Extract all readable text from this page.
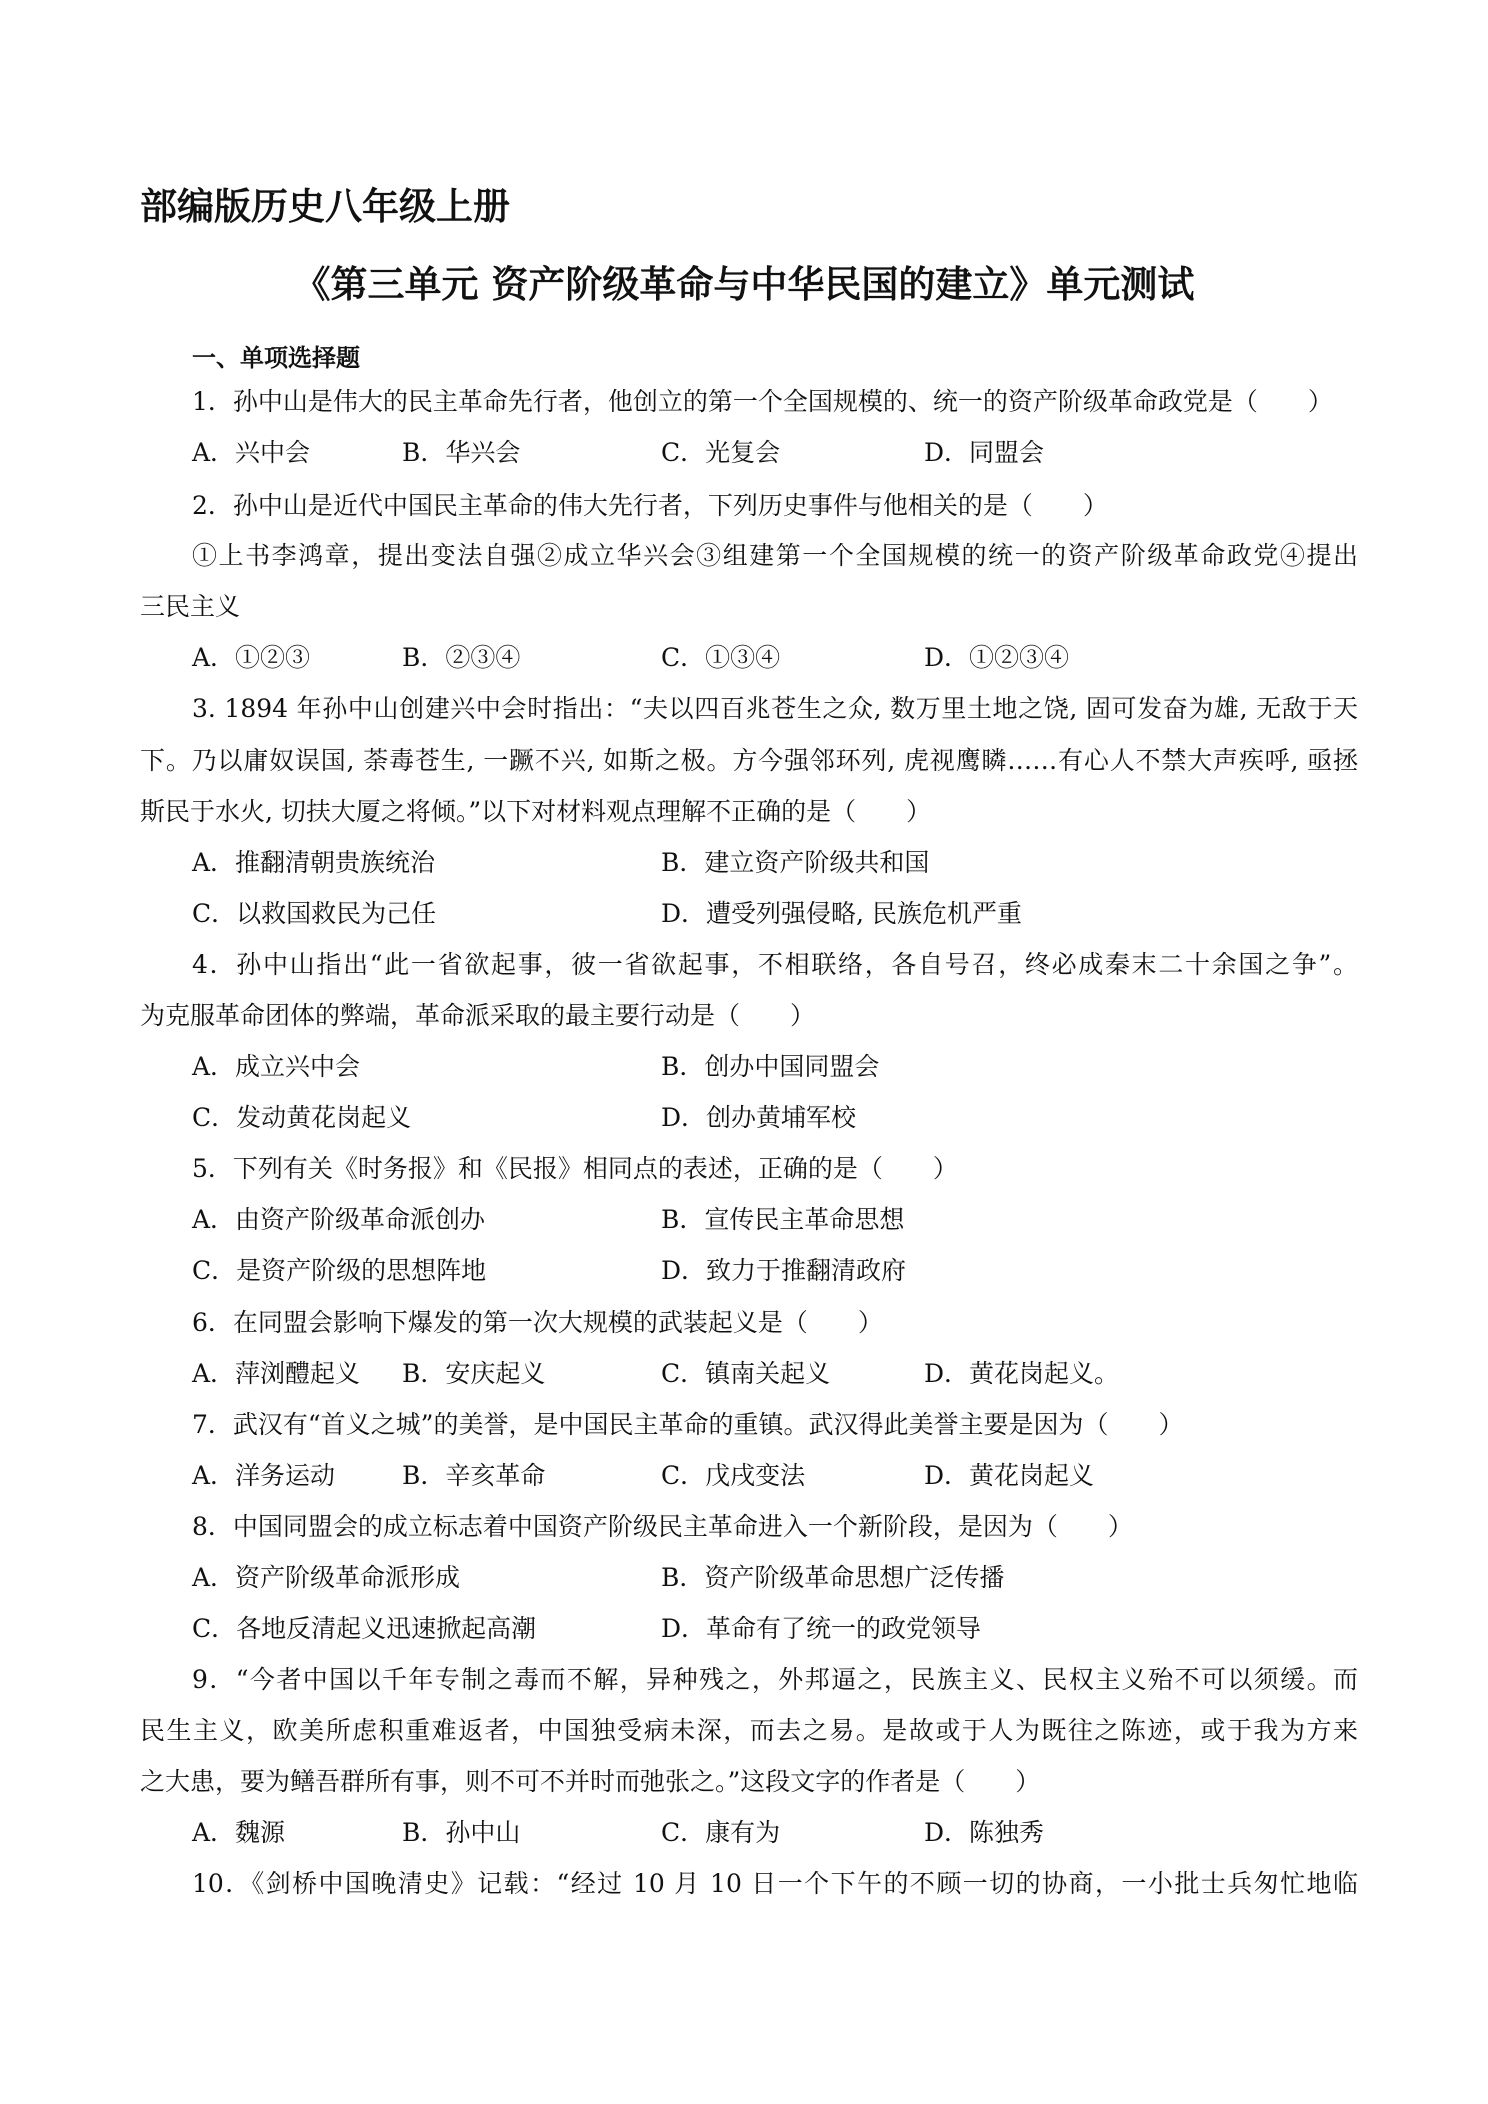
部编版历史八年级上册
《第三单元 资产阶级革命与中华民国的建立》单元测试
一、单项选择题
1．孙中山是伟大的民主革命先行者，他创立的第一个全国规模的、统一的资产阶级革命政党是（　　）
A．兴中会	B．华兴会	C．光复会	D．同盟会
2．孙中山是近代中国民主革命的伟大先行者，下列历史事件与他相关的是（　　）
①上书李鸿章，提出变法自强②成立华兴会③组建第一个全国规模的统一的资产阶级革命政党④提出
三民主义
A．①②③	B．②③④	C．①③④	D．①②③④
3. 1894 年孙中山创建兴中会时指出：“夫以四百兆苍生之众, 数万里土地之饶, 固可发奋为雄, 无敌于天
下。乃以庸奴误国, 荼毒苍生, 一蹶不兴, 如斯之极。方今强邻环列, 虎视鹰瞵……有心人不禁大声疾呼, 亟拯
斯民于水火, 切扶大厦之将倾。”以下对材料观点理解不正确的是（　　）
A．推翻清朝贵族统治	B．建立资产阶级共和国
C．以救国救民为己任	D．遭受列强侵略, 民族危机严重
4．孙中山指出“此一省欲起事，彼一省欲起事，不相联络，各自号召，终必成秦末二十余国之争”。
为克服革命团体的弊端，革命派采取的最主要行动是（　　）
A．成立兴中会	B．创办中国同盟会
C．发动黄花岗起义	D．创办黄埔军校
5．下列有关《时务报》和《民报》相同点的表述，正确的是（　　）
A．由资产阶级革命派创办	B．宣传民主革命思想
C．是资产阶级的思想阵地	D．致力于推翻清政府
6．在同盟会影响下爆发的第一次大规模的武装起义是（　　）
A．萍浏醴起义 B．安庆起义	C．镇南关起义	D．黄花岗起义。
7．武汉有“首义之城”的美誉，是中国民主革命的重镇。武汉得此美誉主要是因为（　　）
A．洋务运动	B．辛亥革命	C．戊戌变法	D．黄花岗起义
8．中国同盟会的成立标志着中国资产阶级民主革命进入一个新阶段，是因为（　　）
A．资产阶级革命派形成	B．资产阶级革命思想广泛传播
C．各地反清起义迅速掀起高潮	D．革命有了统一的政党领导
9．“今者中国以千年专制之毒而不解，异种残之，外邦逼之，民族主义、民权主义殆不可以须缓。而
民生主义，欧美所虑积重难返者，中国独受病未深，而去之易。是故或于人为既往之陈迹，或于我为方来
之大患，要为鳝吾群所有事，则不可不并时而弛张之。”这段文字的作者是（　　）
A．魏源	B．孙中山	C．康有为	D．陈独秀
10．《剑桥中国晚清史》记载：“经过 10 月 10 日一个下午的不顾一切的协商，一小批士兵匆忙地临
